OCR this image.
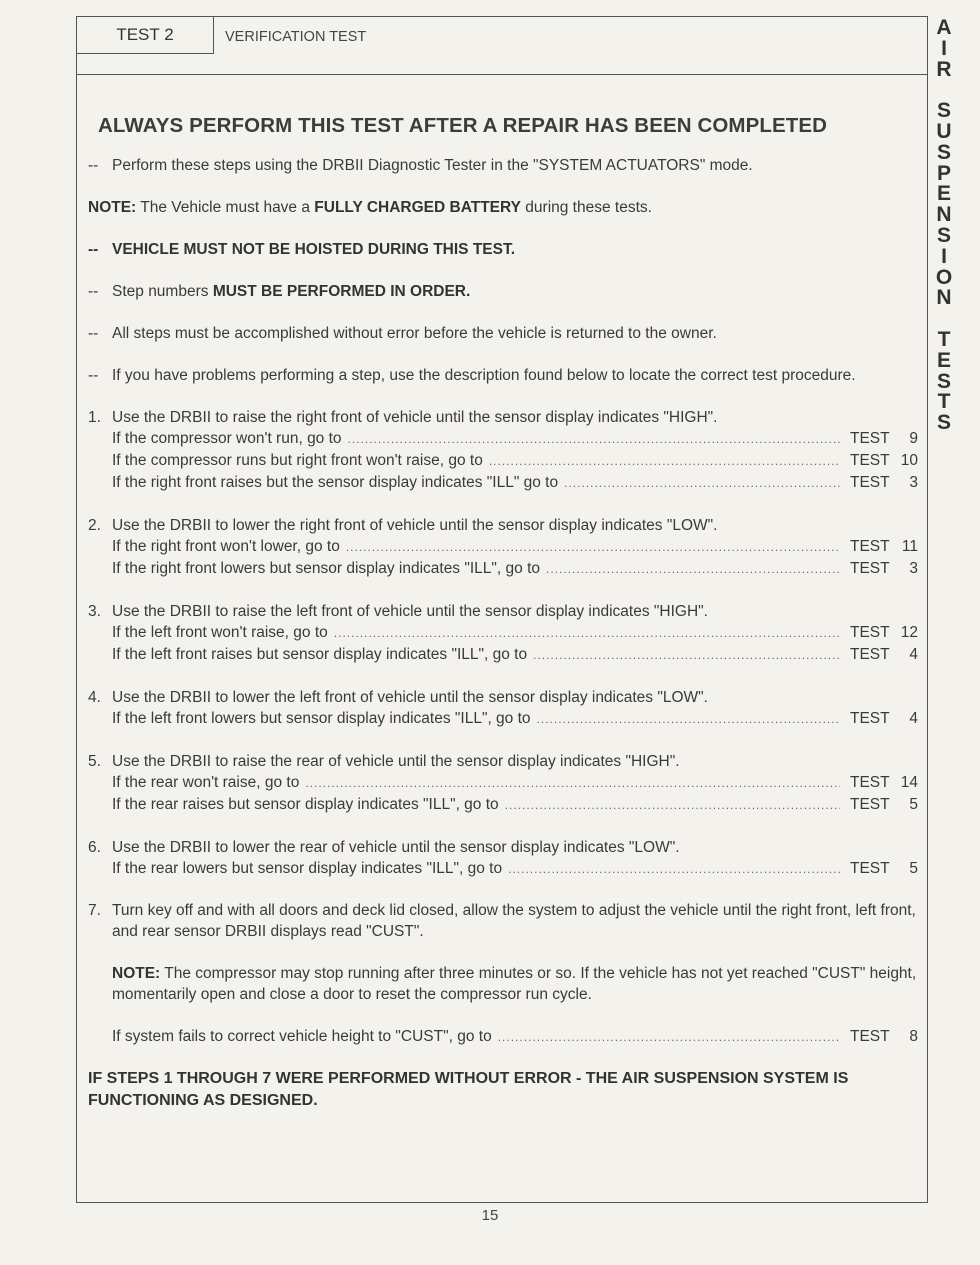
TEST 2	VERIFICATION TEST
ALWAYS PERFORM THIS TEST AFTER A REPAIR HAS BEEN COMPLETED
-- Perform these steps using the DRBII Diagnostic Tester in the "SYSTEM ACTUATORS" mode.
NOTE: The Vehicle must have a FULLY CHARGED BATTERY during these tests.
-- VEHICLE MUST NOT BE HOISTED DURING THIS TEST.
-- Step numbers MUST BE PERFORMED IN ORDER.
-- All steps must be accomplished without error before the vehicle is returned to the owner.
-- If you have problems performing a step, use the description found below to locate the correct test procedure.
1. Use the DRBII to raise the right front of vehicle until the sensor display indicates "HIGH".
If the compressor won't run, go to .....	TEST 9
If the compressor runs but right front won't raise, go to .....	TEST 10
If the right front raises but the sensor display indicates "ILL" go to .....	TEST 3
2. Use the DRBII to lower the right front of vehicle until the sensor display indicates "LOW".
If the right front won't lower, go to .....	TEST 11
If the right front lowers but sensor display indicates "ILL", go to .....	TEST 3
3. Use the DRBII to raise the left front of vehicle until the sensor display indicates "HIGH".
If the left front won't raise, go to .....	TEST 12
If the left front raises but sensor display indicates "ILL", go to .....	TEST 4
4. Use the DRBII to lower the left front of vehicle until the sensor display indicates "LOW".
If the left front lowers but sensor display indicates "ILL", go to .....	TEST 4
5. Use the DRBII to raise the rear of vehicle until the sensor display indicates "HIGH".
If the rear won't raise, go to .....	TEST 14
If the rear raises but sensor display indicates "ILL", go to .....	TEST 5
6. Use the DRBII to lower the rear of vehicle until the sensor display indicates "LOW".
If the rear lowers but sensor display indicates "ILL", go to .....	TEST 5
7. Turn key off and with all doors and deck lid closed, allow the system to adjust the vehicle until the right front, left front, and rear sensor DRBII displays read "CUST".
NOTE: The compressor may stop running after three minutes or so. If the vehicle has not yet reached "CUST" height, momentarily open and close a door to reset the compressor run cycle.
If system fails to correct vehicle height to "CUST", go to .....	TEST 8

IF STEPS 1 THROUGH 7 WERE PERFORMED WITHOUT ERROR - THE AIR SUSPENSION SYSTEM IS FUNCTIONING AS DESIGNED.

A
I
R

S
U
S
P
E
N
S
I
O
N

T
E
S
T
S
15
